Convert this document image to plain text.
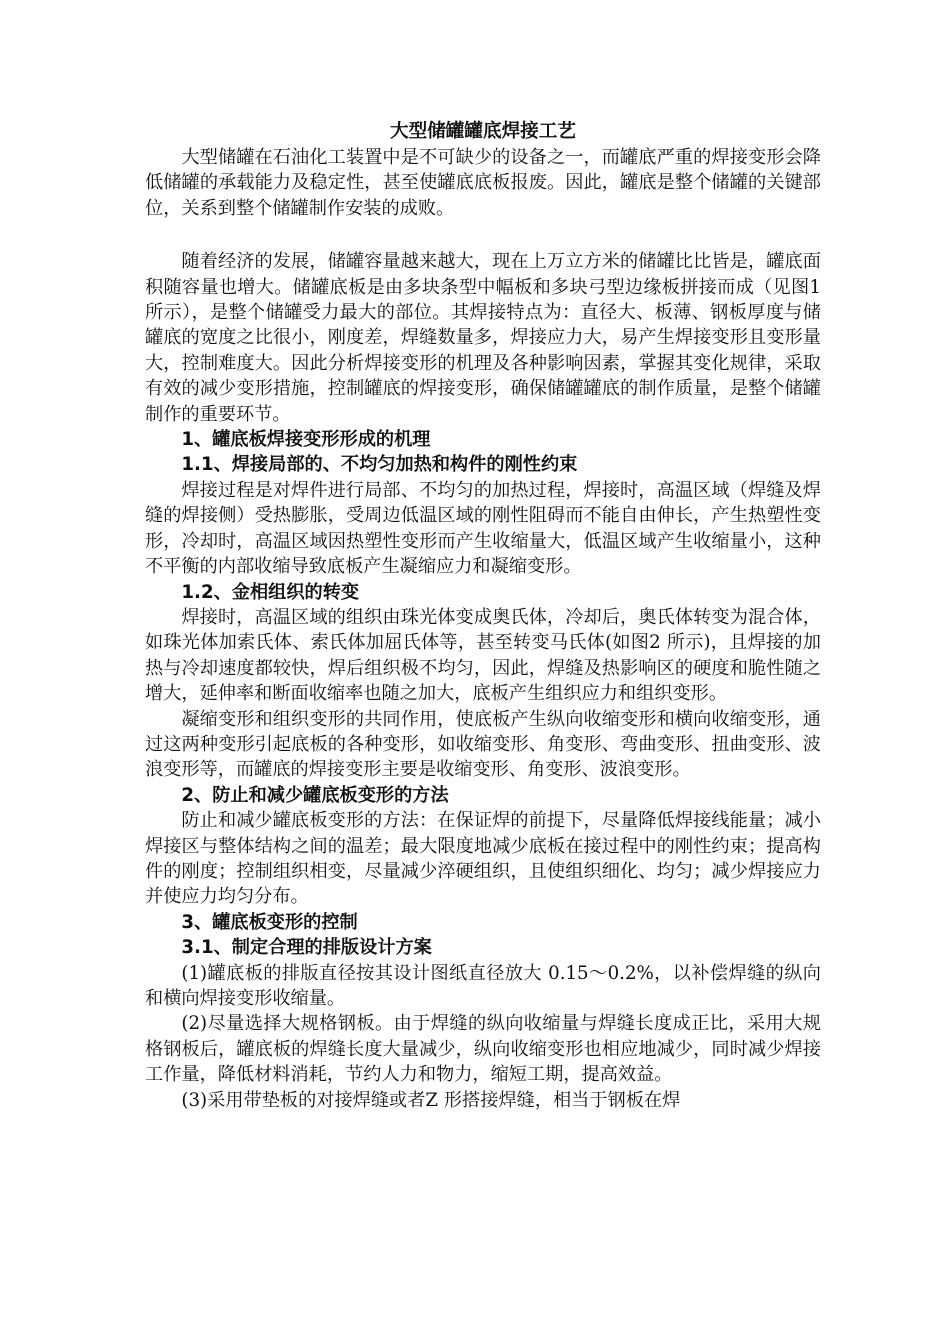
大型储罐罐底焊接工艺

大型储罐在石油化工装置中是不可缺少的设备之一，而罐底严重的焊接变形会降低储罐的承载能力及稳定性，甚至使罐底底板报废。因此，罐底是整个储罐的关键部位，关系到整个储罐制作安装的成败。

随着经济的发展，储罐容量越来越大，现在上万立方米的储罐比比皆是，罐底面积随容量也增大。储罐底板是由多块条型中幅板和多块弓型边缘板拼接而成（见图1 所示），是整个储罐受力最大的部位。其焊接特点为：直径大、板薄、钢板厚度与储罐底的宽度之比很小，刚度差，焊缝数量多，焊接应力大，易产生焊接变形且变形量大，控制难度大。因此分析焊接变形的机理及各种影响因素，掌握其变化规律，采取有效的减少变形措施，控制罐底的焊接变形，确保储罐罐底的制作质量，是整个储罐制作的重要环节。

1、罐底板焊接变形形成的机理

1.1、焊接局部的、不均匀加热和构件的刚性约束

焊接过程是对焊件进行局部、不均匀的加热过程，焊接时，高温区域（焊缝及焊缝的焊接侧）受热膨胀，受周边低温区域的刚性阻碍而不能自由伸长，产生热塑性变形，冷却时，高温区域因热塑性变形而产生收缩量大，低温区域产生收缩量小，这种不平衡的内部收缩导致底板产生凝缩应力和凝缩变形。

1.2、金相组织的转变

焊接时，高温区域的组织由珠光体变成奥氏体，冷却后，奥氏体转变为混合体，如珠光体加索氏体、索氏体加屈氏体等，甚至转变马氏体(如图2 所示)，且焊接的加热与冷却速度都较快，焊后组织极不均匀，因此，焊缝及热影响区的硬度和脆性随之增大，延伸率和断面收缩率也随之加大，底板产生组织应力和组织变形。

凝缩变形和组织变形的共同作用，使底板产生纵向收缩变形和横向收缩变形，通过这两种变形引起底板的各种变形，如收缩变形、角变形、弯曲变形、扭曲变形、波浪变形等，而罐底的焊接变形主要是收缩变形、角变形、波浪变形。

2、防止和减少罐底板变形的方法

防止和减少罐底板变形的方法：在保证焊的前提下，尽量降低焊接线能量；减小焊接区与整体结构之间的温差；最大限度地减少底板在接过程中的刚性约束；提高构件的刚度；控制组织相变，尽量减少淬硬组织，且使组织细化、均匀；减少焊接应力并使应力均匀分布。

3、罐底板变形的控制

3.1、制定合理的排版设计方案

(1)罐底板的排版直径按其设计图纸直径放大 0.15～0.2%，以补偿焊缝的纵向和横向焊接变形收缩量。

(2)尽量选择大规格钢板。由于焊缝的纵向收缩量与焊缝长度成正比，采用大规格钢板后，罐底板的焊缝长度大量减少，纵向收缩变形也相应地减少，同时减少焊接工作量，降低材料消耗，节约人力和物力，缩短工期，提高效益。

(3)采用带垫板的对接焊缝或者Z 形搭接焊缝，相当于钢板在焊
